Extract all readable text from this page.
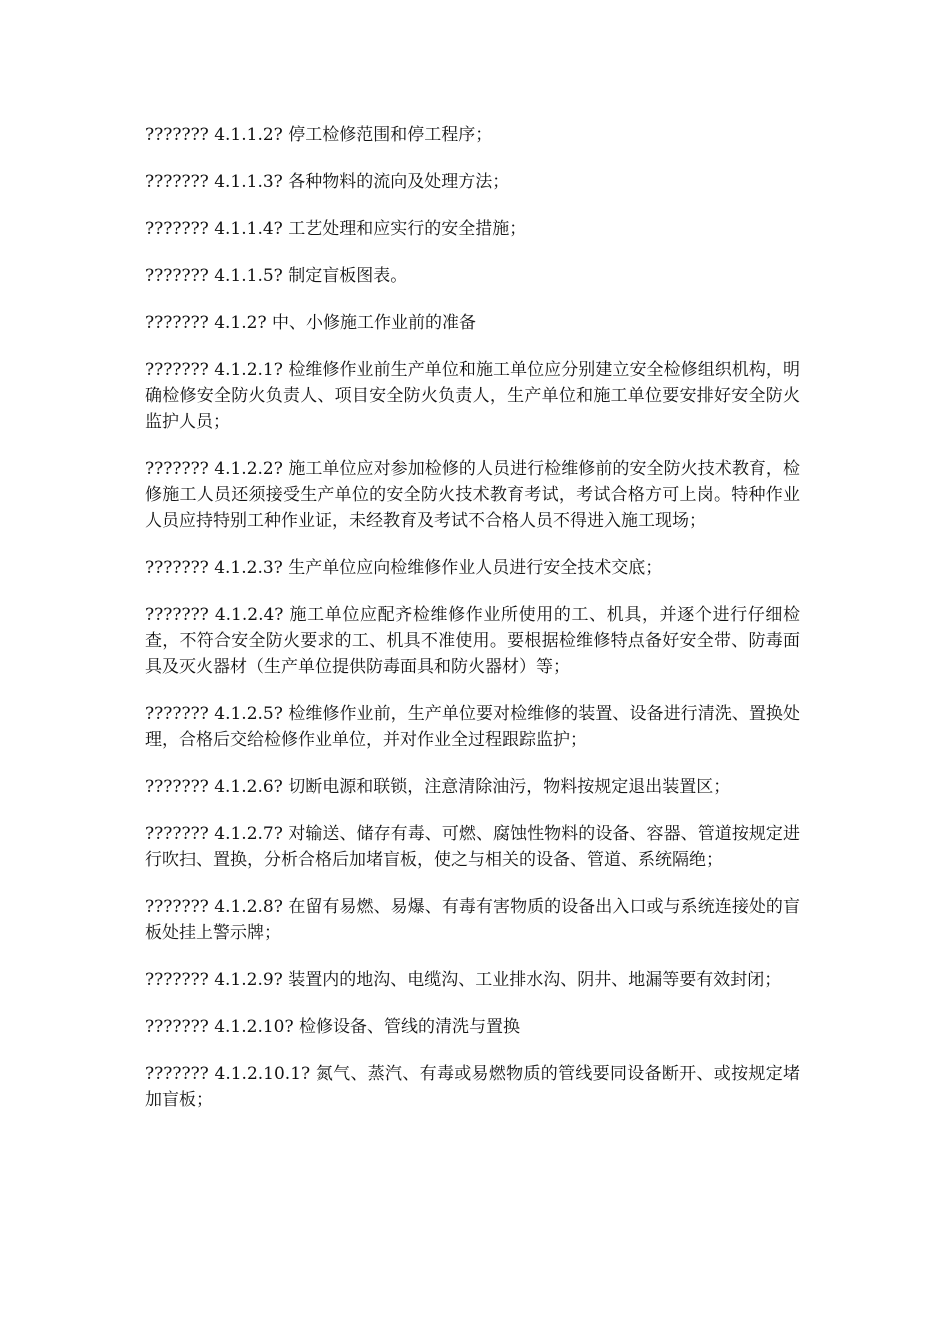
??????? 4.1.1.2? 停工检修范围和停工程序；

??????? 4.1.1.3? 各种物料的流向及处理方法；

??????? 4.1.1.4? 工艺处理和应实行的安全措施；

??????? 4.1.1.5? 制定盲板图表。

??????? 4.1.2? 中、小修施工作业前的准备

??????? 4.1.2.1? 检维修作业前生产单位和施工单位应分别建立安全检修组织机构，明确检修安全防火负责人、项目安全防火负责人，生产单位和施工单位要安排好安全防火监护人员；

??????? 4.1.2.2? 施工单位应对参加检修的人员进行检维修前的安全防火技术教育，检修施工人员还须接受生产单位的安全防火技术教育考试，考试合格方可上岗。特种作业人员应持特别工种作业证，未经教育及考试不合格人员不得进入施工现场；

??????? 4.1.2.3? 生产单位应向检维修作业人员进行安全技术交底；

??????? 4.1.2.4? 施工单位应配齐检维修作业所使用的工、机具，并逐个进行仔细检查，不符合安全防火要求的工、机具不准使用。要根据检维修特点备好安全带、防毒面具及灭火器材（生产单位提供防毒面具和防火器材）等；

??????? 4.1.2.5? 检维修作业前，生产单位要对检维修的装置、设备进行清洗、置换处理，合格后交给检修作业单位，并对作业全过程跟踪监护；

??????? 4.1.2.6? 切断电源和联锁，注意清除油污，物料按规定退出装置区；

??????? 4.1.2.7? 对输送、储存有毒、可燃、腐蚀性物料的设备、容器、管道按规定进行吹扫、置换，分析合格后加堵盲板，使之与相关的设备、管道、系统隔绝；

??????? 4.1.2.8? 在留有易燃、易爆、有毒有害物质的设备出入口或与系统连接处的盲板处挂上警示牌；

??????? 4.1.2.9? 装置内的地沟、电缆沟、工业排水沟、阴井、地漏等要有效封闭；

??????? 4.1.2.10? 检修设备、管线的清洗与置换

??????? 4.1.2.10.1? 氮气、蒸汽、有毒或易燃物质的管线要同设备断开、或按规定堵加盲板；
